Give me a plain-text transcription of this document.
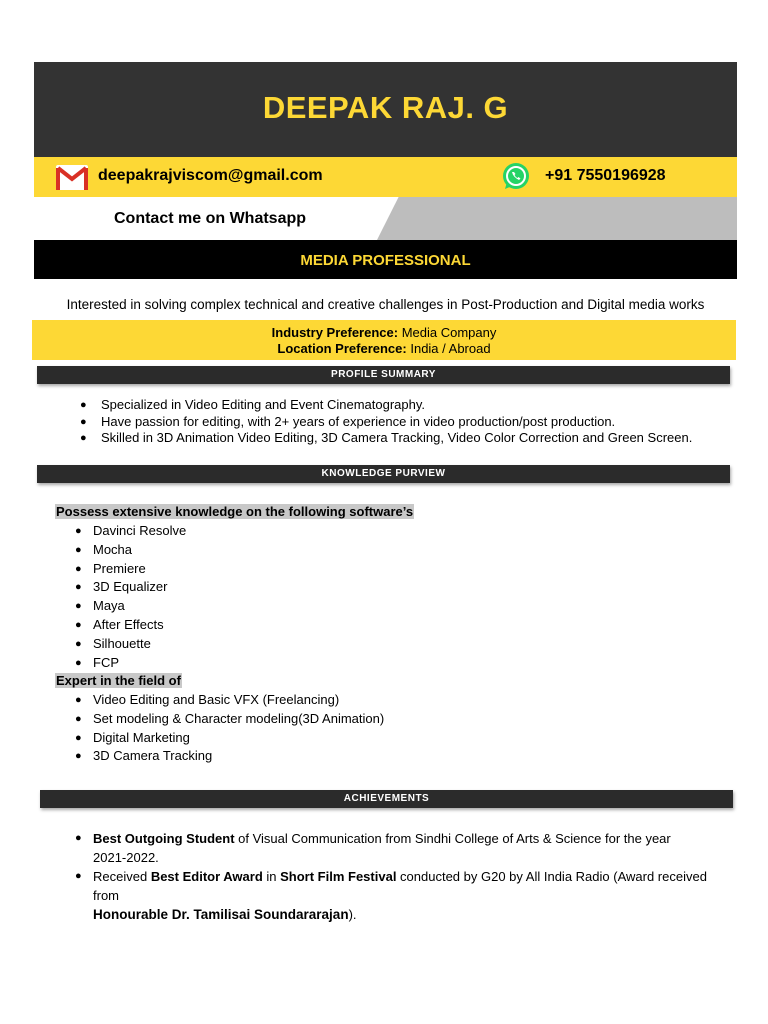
DEEPAK RAJ. G
deepakrajviscom@gmail.com	+91 7550196928
Contact me on Whatsapp
MEDIA PROFESSIONAL
Interested in solving complex technical and creative challenges in Post-Production and Digital media works
Industry Preference: Media Company
Location Preference: India / Abroad
PROFILE SUMMARY
● Specialized in Video Editing and Event Cinematography.
● Have passion for editing, with 2+ years of experience in video production/post production.
● Skilled in 3D Animation Video Editing, 3D Camera Tracking, Video Color Correction and Green Screen.
KNOWLEDGE PURVIEW
Possess extensive knowledge on the following software’s
● Davinci Resolve
● Mocha
● Premiere
● 3D Equalizer
● Maya
● After Effects
● Silhouette
● FCP
Expert in the field of
● Video Editing and Basic VFX (Freelancing)
● Set modeling & Character modeling(3D Animation)
● Digital Marketing
● 3D Camera Tracking
ACHIEVEMENTS
● Best Outgoing Student of Visual Communication from Sindhi College of Arts & Science for the year
2021-2022.
● Received Best Editor Award in Short Film Festival conducted by G20 by All India Radio (Award received from
Honourable Dr. Tamilisai Soundararajan).
